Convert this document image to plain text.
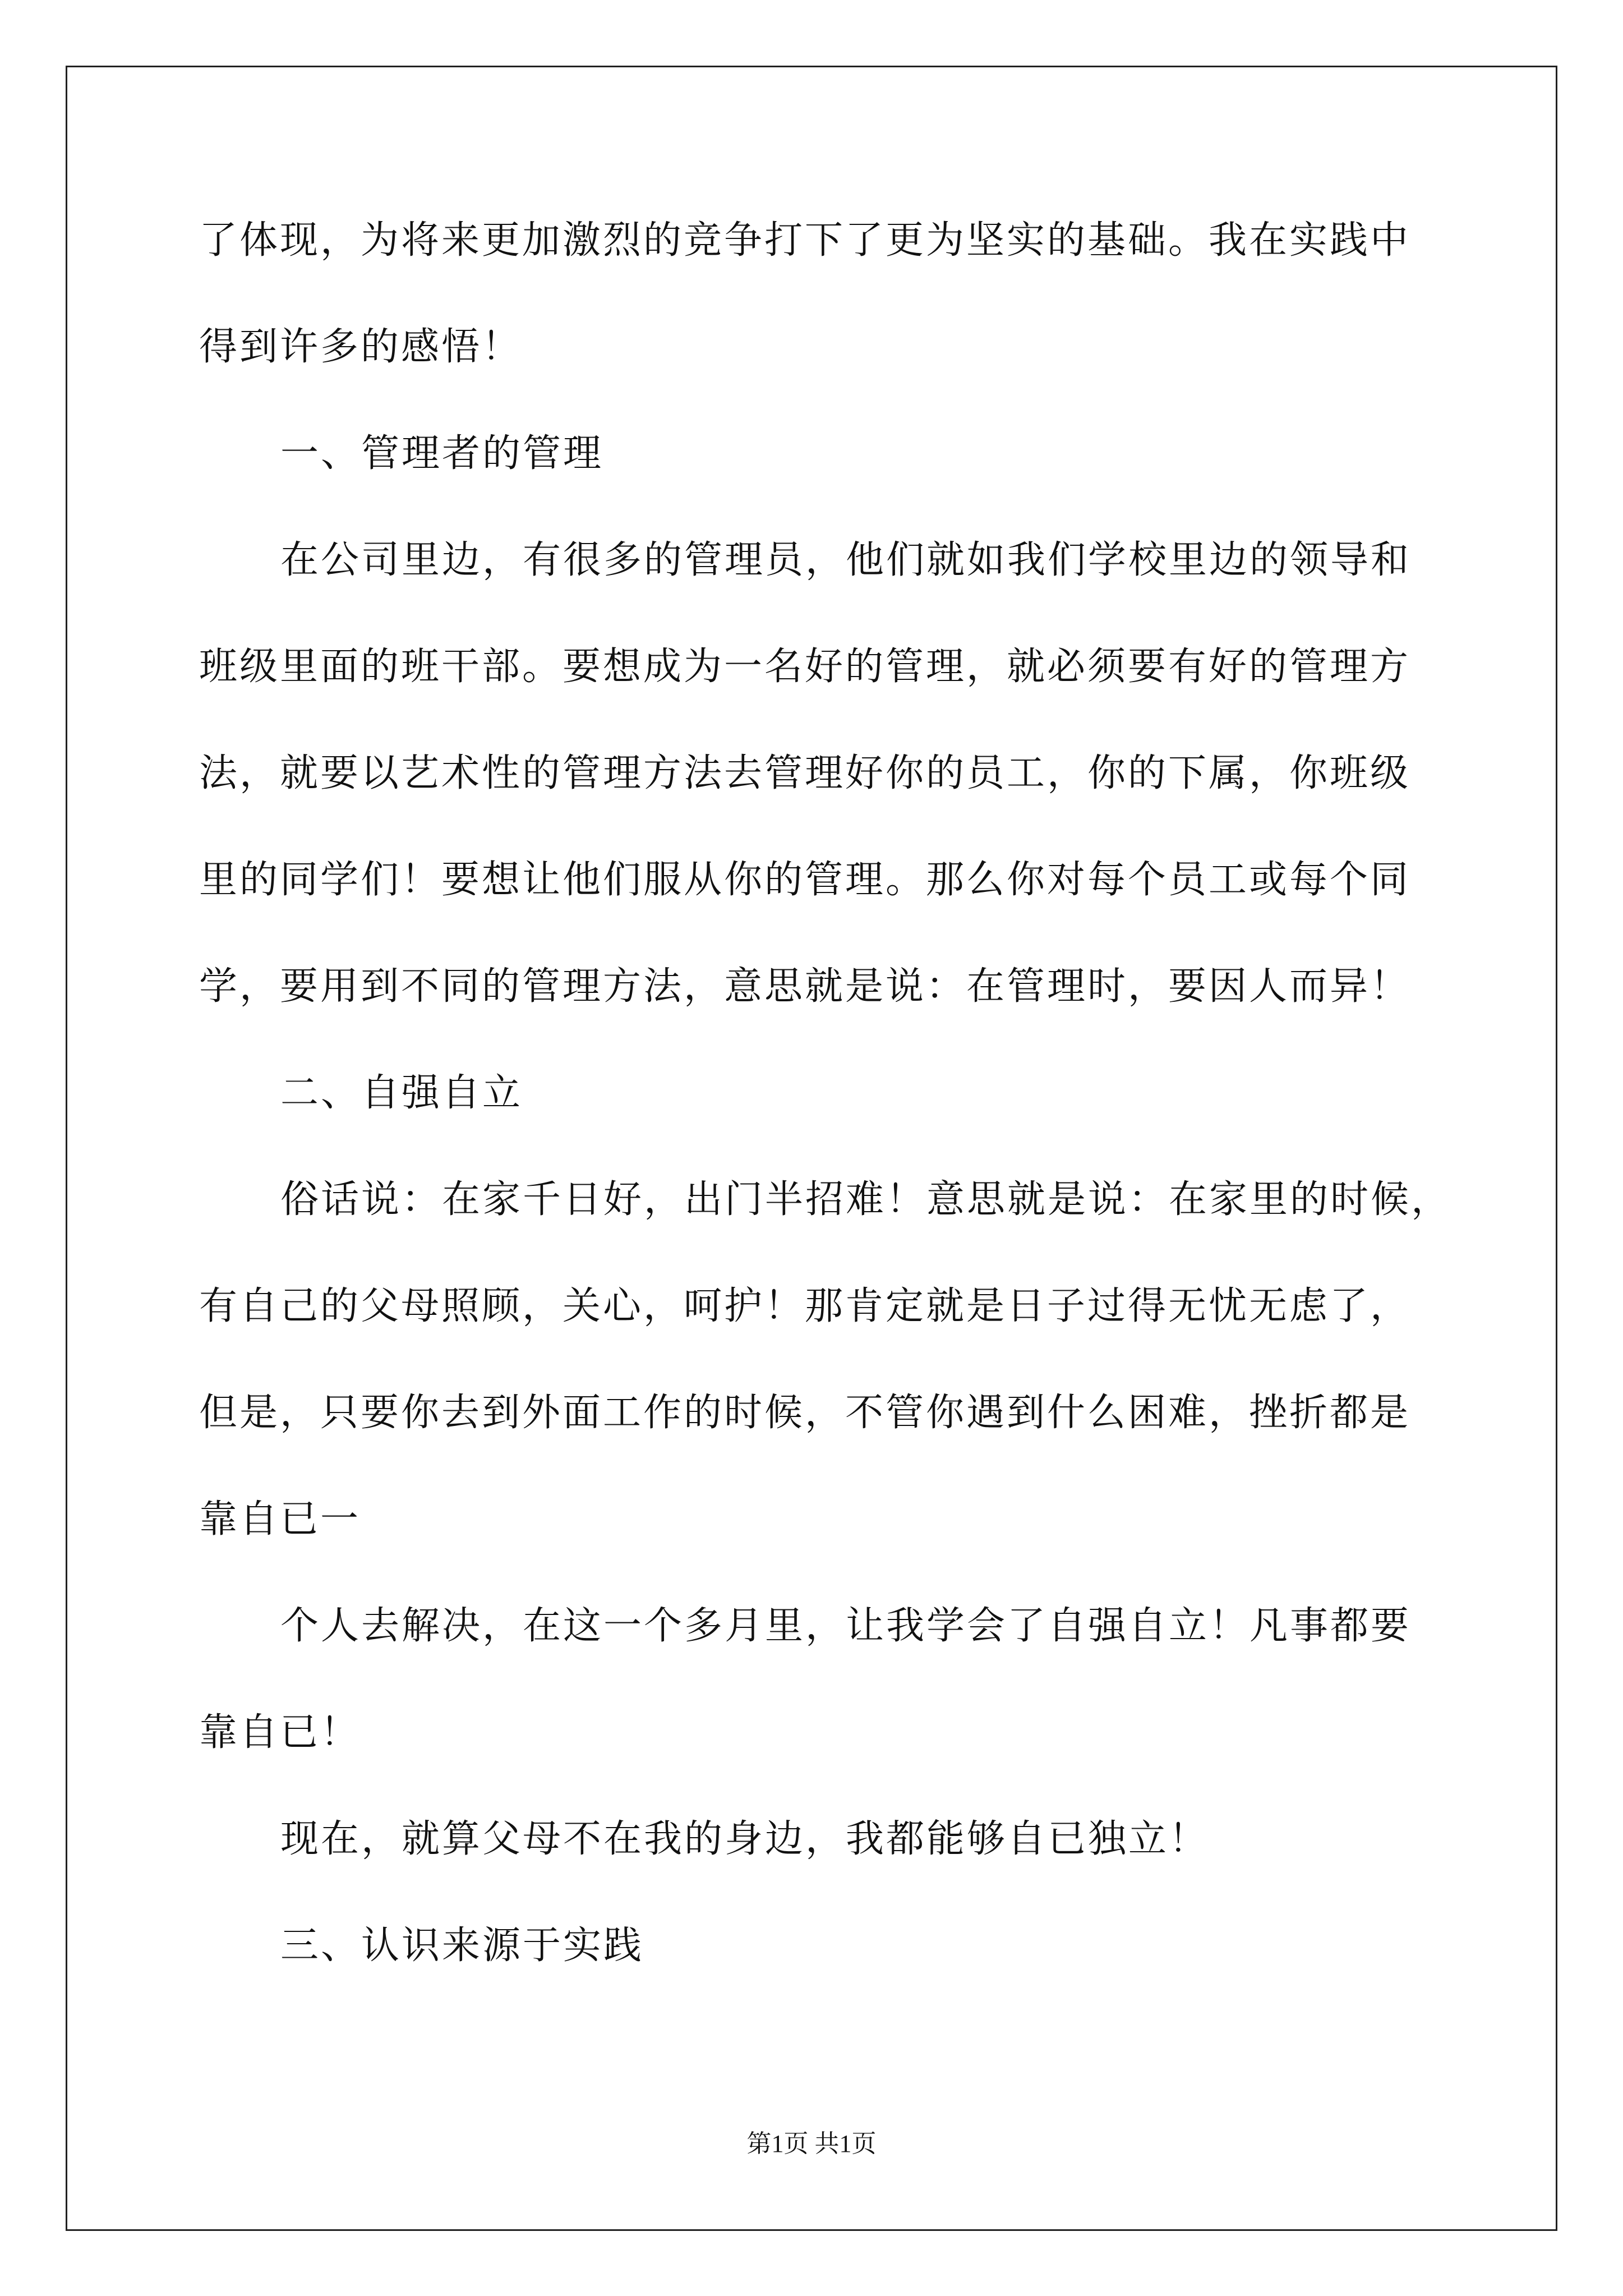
了体现，为将来更加激烈的竞争打下了更为坚实的基础。我在实践中
得到许多的感悟！
一、管理者的管理
在公司里边，有很多的管理员，他们就如我们学校里边的领导和
班级里面的班干部。要想成为一名好的管理，就必须要有好的管理方
法，就要以艺术性的管理方法去管理好你的员工，你的下属，你班级
里的同学们！要想让他们服从你的管理。那么你对每个员工或每个同
学，要用到不同的管理方法，意思就是说：在管理时，要因人而异！
二、自强自立
俗话说：在家千日好，出门半招难！意思就是说：在家里的时候，
有自己的父母照顾，关心，呵护！那肯定就是日子过得无忧无虑了，
但是，只要你去到外面工作的时候，不管你遇到什么困难，挫折都是
靠自已一
个人去解决，在这一个多月里，让我学会了自强自立！凡事都要
靠自已！
现在，就算父母不在我的身边，我都能够自已独立！
三、认识来源于实践
第1页 共1页
